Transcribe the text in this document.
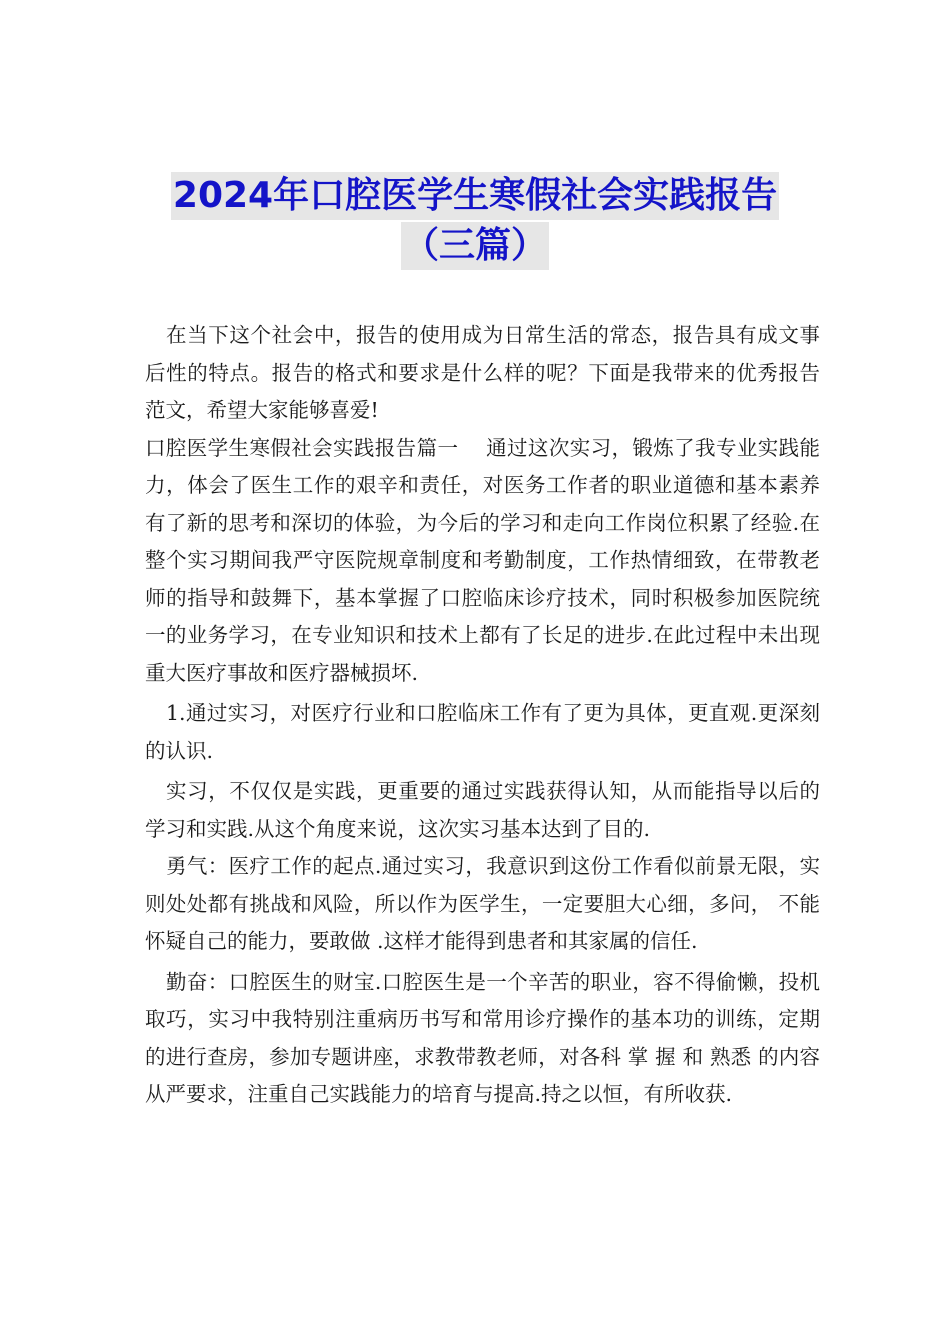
2024年口腔医学生寒假社会实践报告
（三篇）

在当下这个社会中，报告的使用成为日常生活的常态，报告具有成文事后性的特点。报告的格式和要求是什么样的呢？下面是我带来的优秀报告范文，希望大家能够喜爱!

口腔医学生寒假社会实践报告篇一　 通过这次实习，锻炼了我专业实践能力，体会了医生工作的艰辛和责任，对医务工作者的职业道德和基本素养有了新的思考和深切的体验，为今后的学习和走向工作岗位积累了经验.在整个实习期间我严守医院规章制度和考勤制度，工作热情细致，在带教老师的指导和鼓舞下，基本掌握了口腔临床诊疗技术，同时积极参加医院统一的业务学习，在专业知识和技术上都有了长足的进步.在此过程中未出现重大医疗事故和医疗器械损坏.

1.通过实习，对医疗行业和口腔临床工作有了更为具体，更直观.更深刻的认识.

实习，不仅仅是实践，更重要的通过实践获得认知，从而能指导以后的学习和实践.从这个角度来说，这次实习基本达到了目的.

勇气：医疗工作的起点.通过实习，我意识到这份工作看似前景无限，实则处处都有挑战和风险，所以作为医学生，一定要胆大心细，多问， 不能怀疑自己的能力，要敢做 .这样才能得到患者和其家属的信任.

勤奋：口腔医生的财宝.口腔医生是一个辛苦的职业，容不得偷懒，投机取巧，实习中我特别注重病历书写和常用诊疗操作的基本功的训练，定期的进行查房，参加专题讲座，求教带教老师，对各科 掌 握 和 熟悉 的内容从严要求，注重自己实践能力的培育与提高.持之以恒，有所收获.
